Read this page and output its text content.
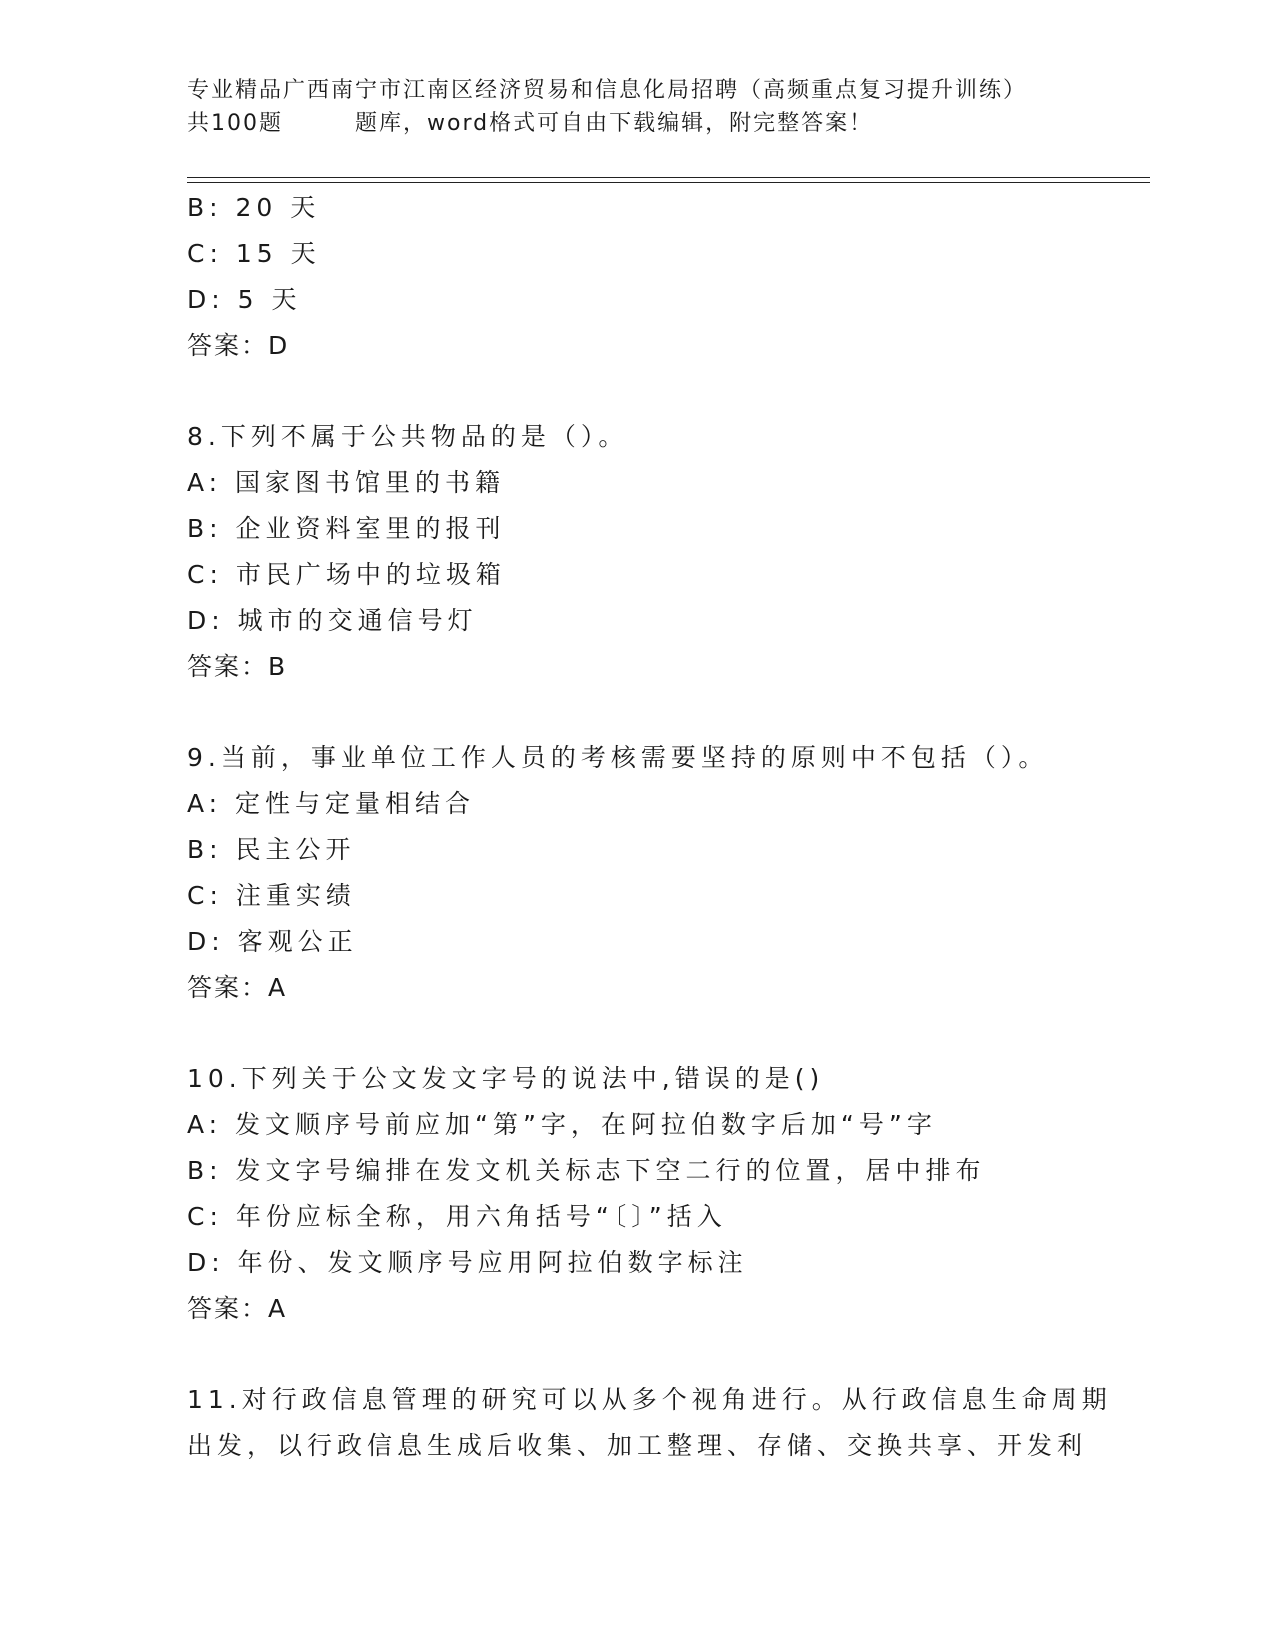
专业精品广西南宁市江南区经济贸易和信息化局招聘（高频重点复习提升训练）
共100题	题库，word格式可自由下载编辑，附完整答案！
B: 20 天
C: 15 天
D: 5 天
答案：D
8.下列不属于公共物品的是（）。
A: 国家图书馆里的书籍
B: 企业资料室里的报刊
C: 市民广场中的垃圾箱
D: 城市的交通信号灯
答案：B
9.当前，事业单位工作人员的考核需要坚持的原则中不包括（）。
A: 定性与定量相结合
B: 民主公开
C: 注重实绩
D: 客观公正
答案：A
10.下列关于公文发文字号的说法中,错误的是()
A: 发文顺序号前应加“第”字，在阿拉伯数字后加“号”字
B: 发文字号编排在发文机关标志下空二行的位置，居中排布
C: 年份应标全称，用六角括号“〔〕”括入
D: 年份、发文顺序号应用阿拉伯数字标注
答案：A
11.对行政信息管理的研究可以从多个视角进行。从行政信息生命周期
出发，以行政信息生成后收集、加工整理、存储、交换共享、开发利
